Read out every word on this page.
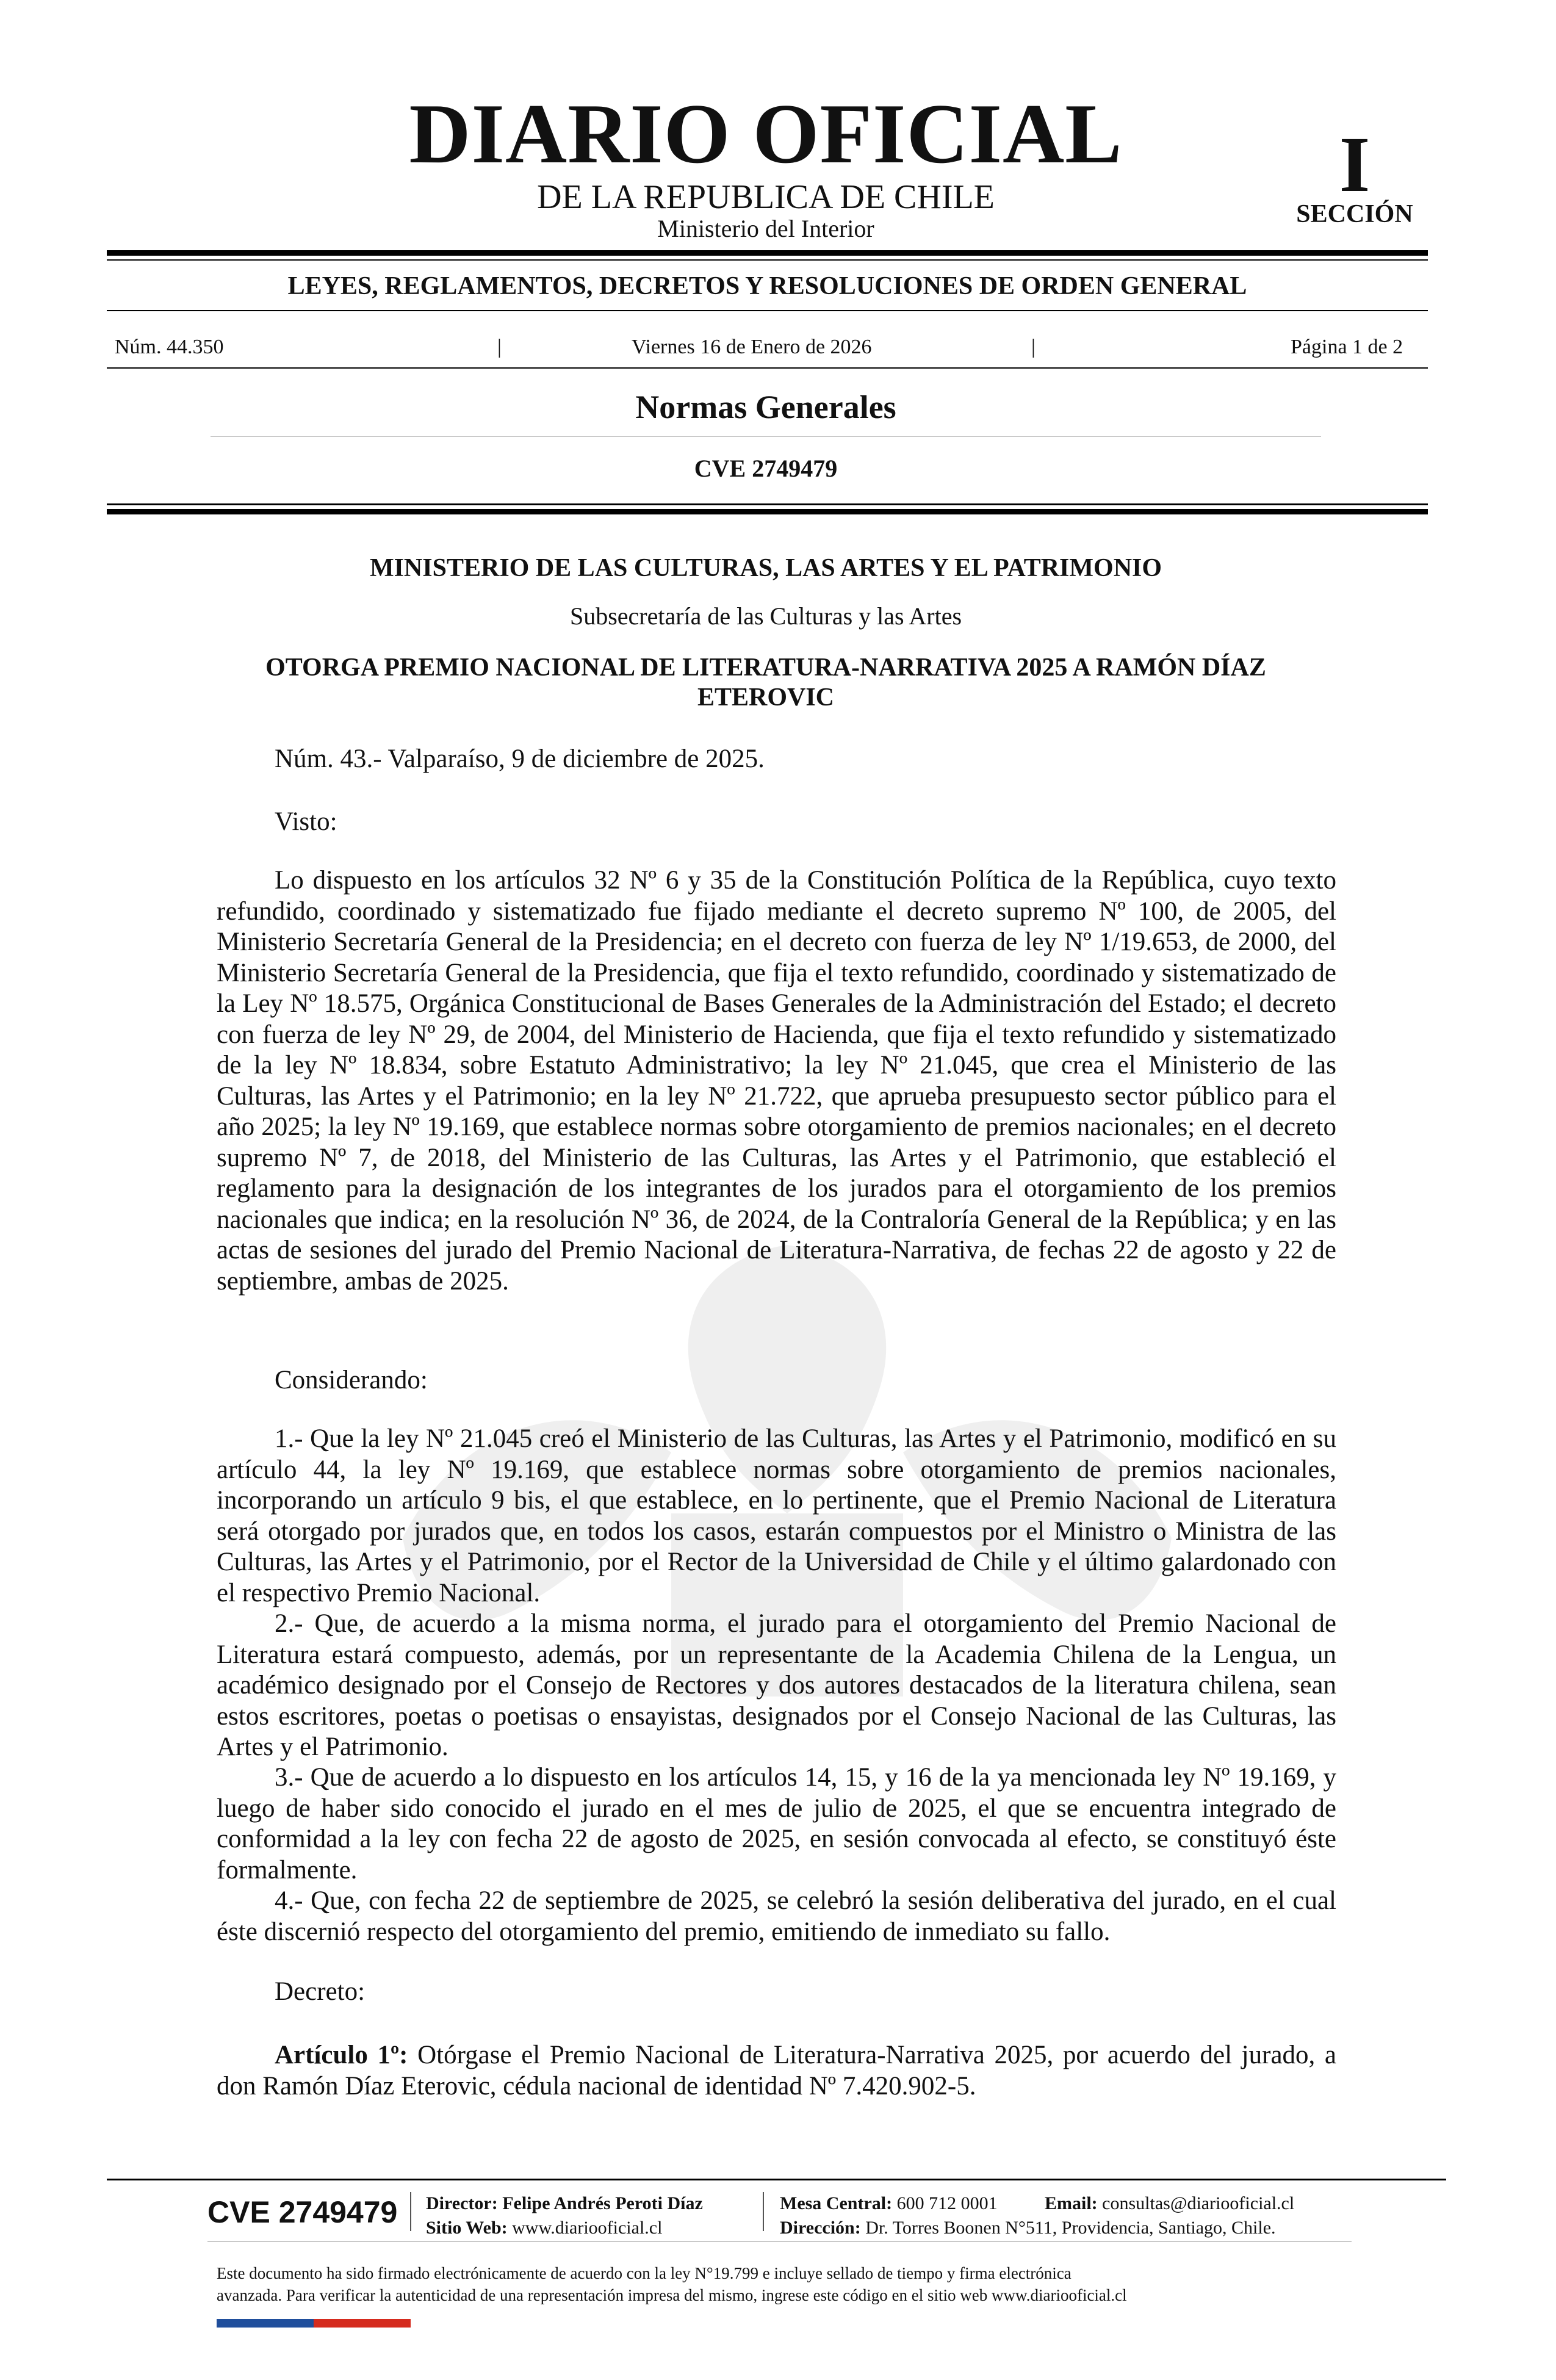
DIARIO OFICIAL
DE LA REPUBLICA DE CHILE
Ministerio del Interior
I
SECCIÓN
LEYES, REGLAMENTOS, DECRETOS Y RESOLUCIONES DE ORDEN GENERAL
Núm. 44.350	|	Viernes 16 de Enero de 2026	|	Página 1 de 2
Normas Generales
CVE 2749479
MINISTERIO DE LAS CULTURAS, LAS ARTES Y EL PATRIMONIO
Subsecretaría de las Culturas y las Artes
OTORGA PREMIO NACIONAL DE LITERATURA-NARRATIVA 2025 A RAMÓN DÍAZ ETEROVIC
Núm. 43.- Valparaíso, 9 de diciembre de 2025.
Visto:
Lo dispuesto en los artículos 32 Nº 6 y 35 de la Constitución Política de la República, cuyo texto refundido, coordinado y sistematizado fue fijado mediante el decreto supremo Nº 100, de 2005, del Ministerio Secretaría General de la Presidencia; en el decreto con fuerza de ley Nº 1/19.653, de 2000, del Ministerio Secretaría General de la Presidencia, que fija el texto refundido, coordinado y sistematizado de la Ley Nº 18.575, Orgánica Constitucional de Bases Generales de la Administración del Estado; el decreto con fuerza de ley Nº 29, de 2004, del Ministerio de Hacienda, que fija el texto refundido y sistematizado de la ley Nº 18.834, sobre Estatuto Administrativo; la ley Nº 21.045, que crea el Ministerio de las Culturas, las Artes y el Patrimonio; en la ley Nº 21.722, que aprueba presupuesto sector público para el año 2025; la ley Nº 19.169, que establece normas sobre otorgamiento de premios nacionales; en el decreto supremo Nº 7, de 2018, del Ministerio de las Culturas, las Artes y el Patrimonio, que estableció el reglamento para la designación de los integrantes de los jurados para el otorgamiento de los premios nacionales que indica; en la resolución Nº 36, de 2024, de la Contraloría General de la República; y en las actas de sesiones del jurado del Premio Nacional de Literatura-Narrativa, de fechas 22 de agosto y 22 de septiembre, ambas de 2025.
Considerando:
1.- Que la ley Nº 21.045 creó el Ministerio de las Culturas, las Artes y el Patrimonio, modificó en su artículo 44, la ley Nº 19.169, que establece normas sobre otorgamiento de premios nacionales, incorporando un artículo 9 bis, el que establece, en lo pertinente, que el Premio Nacional de Literatura será otorgado por jurados que, en todos los casos, estarán compuestos por el Ministro o Ministra de las Culturas, las Artes y el Patrimonio, por el Rector de la Universidad de Chile y el último galardonado con el respectivo Premio Nacional.
2.- Que, de acuerdo a la misma norma, el jurado para el otorgamiento del Premio Nacional de Literatura estará compuesto, además, por un representante de la Academia Chilena de la Lengua, un académico designado por el Consejo de Rectores y dos autores destacados de la literatura chilena, sean estos escritores, poetas o poetisas o ensayistas, designados por el Consejo Nacional de las Culturas, las Artes y el Patrimonio.
3.- Que de acuerdo a lo dispuesto en los artículos 14, 15, y 16 de la ya mencionada ley Nº 19.169, y luego de haber sido conocido el jurado en el mes de julio de 2025, el que se encuentra integrado de conformidad a la ley con fecha 22 de agosto de 2025, en sesión convocada al efecto, se constituyó éste formalmente.
4.- Que, con fecha 22 de septiembre de 2025, se celebró la sesión deliberativa del jurado, en el cual éste discernió respecto del otorgamiento del premio, emitiendo de inmediato su fallo.
Decreto:
Artículo 1º: Otórgase el Premio Nacional de Literatura-Narrativa 2025, por acuerdo del jurado, a don Ramón Díaz Eterovic, cédula nacional de identidad Nº 7.420.902-5.
CVE 2749479 Director: Felipe Andrés Peroti Díaz
Sitio Web: www.diariooficial.cl
Mesa Central: 600 712 0001	Email: consultas@diariooficial.cl
Dirección: Dr. Torres Boonen N°511, Providencia, Santiago, Chile.
Este documento ha sido firmado electrónicamente de acuerdo con la ley N°19.799 e incluye sellado de tiempo y firma electrónica
avanzada. Para verificar la autenticidad de una representación impresa del mismo, ingrese este código en el sitio web www.diariooficial.cl
